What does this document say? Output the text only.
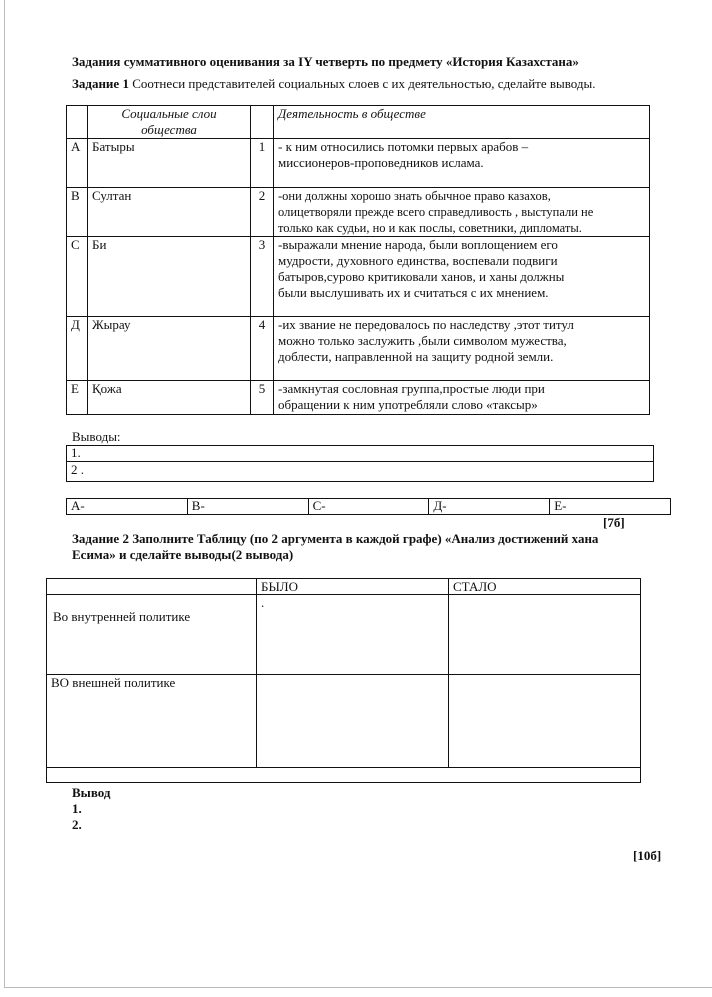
Задания суммативного оценивания за IY четверть по предмету «История Казахстана»
Задание 1 Соотнеси представителей социальных слоев с их деятельностью, сделайте выводы.
	Социальные слои
общества		Деятельность в обществе
А	Батыры	1	- к ним относились потомки первых арабов –
миссионеров-проповедников ислама.
В	Султан	2	-они должны хорошо знать обычное право казахов,
олицетворяли прежде всего справедливость , выступали не
только как судьи, но и как послы, советники, дипломаты.
С	Би	3	-выражали мнение народа, были воплощением его
мудрости, духовного единства, воспевали подвиги
батыров,сурово критиковали ханов, и ханы должны
были выслушивать их и считаться с их мнением.
Д	Жырау	4	-их звание не передовалось по наследству ,этот титул
можно только заслужить ,были символом мужества,
доблести, направленной на защиту родной земли.
Е	Қожа	5	-замкнутая сословная группа,простые люди при
обращении к ним употребляли слово «таксыр»
Выводы:
1.
2 .
А-	В-	С-	Д-	Е-
[7б]
Задание 2 Заполните Таблицу (по 2 аргумента в каждой графе) «Анализ достижений хана
Есима» и сделайте выводы(2 вывода)
	БЫЛО	СТАЛО
Во внутренней политике	.	
ВО внешней политике		

Вывод
1.
2.
[10б]
